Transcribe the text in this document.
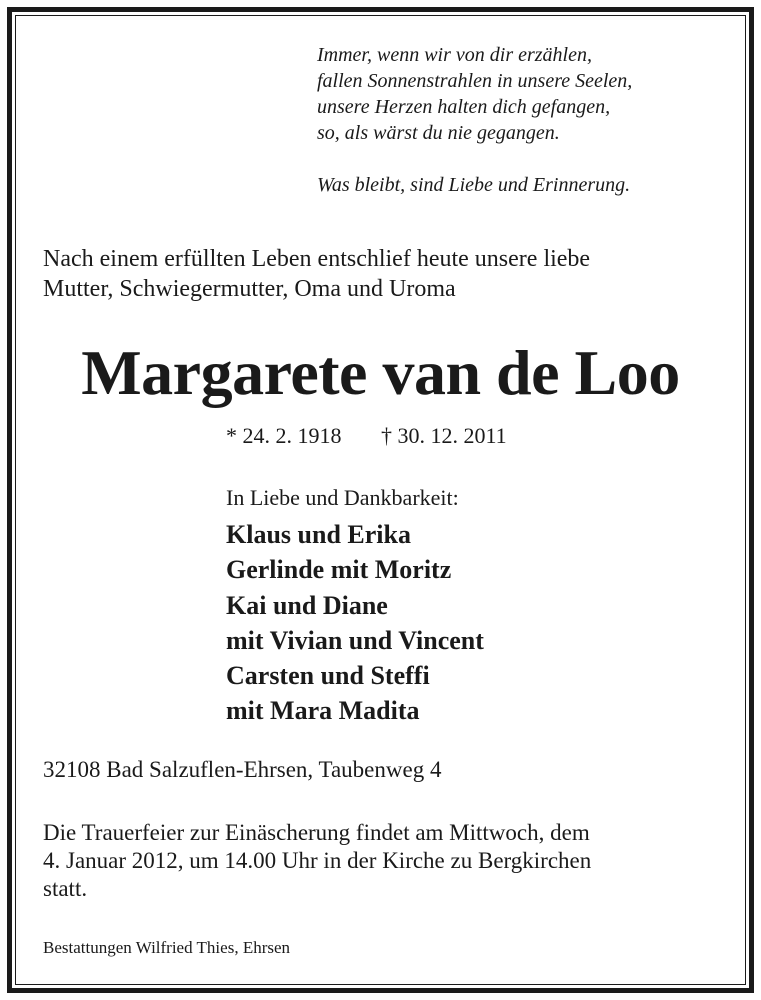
Immer, wenn wir von dir erzählen,
fallen Sonnenstrahlen in unsere Seelen,
unsere Herzen halten dich gefangen,
so, als wärst du nie gegangen.
Was bleibt, sind Liebe und Erinnerung.
Nach einem erfüllten Leben entschlief heute unsere liebe
Mutter, Schwiegermutter, Oma und Uroma
Margarete van de Loo
* 24. 2. 1918 † 30. 12. 2011
In Liebe und Dankbarkeit:
Klaus und Erika
Gerlinde mit Moritz
Kai und Diane
mit Vivian und Vincent
Carsten und Steffi
mit Mara Madita
32108 Bad Salzuflen-Ehrsen, Taubenweg 4
Die Trauerfeier zur Einäscherung findet am Mittwoch, dem
4. Januar 2012, um 14.00 Uhr in der Kirche zu Bergkirchen
statt.
Bestattungen Wilfried Thies, Ehrsen
